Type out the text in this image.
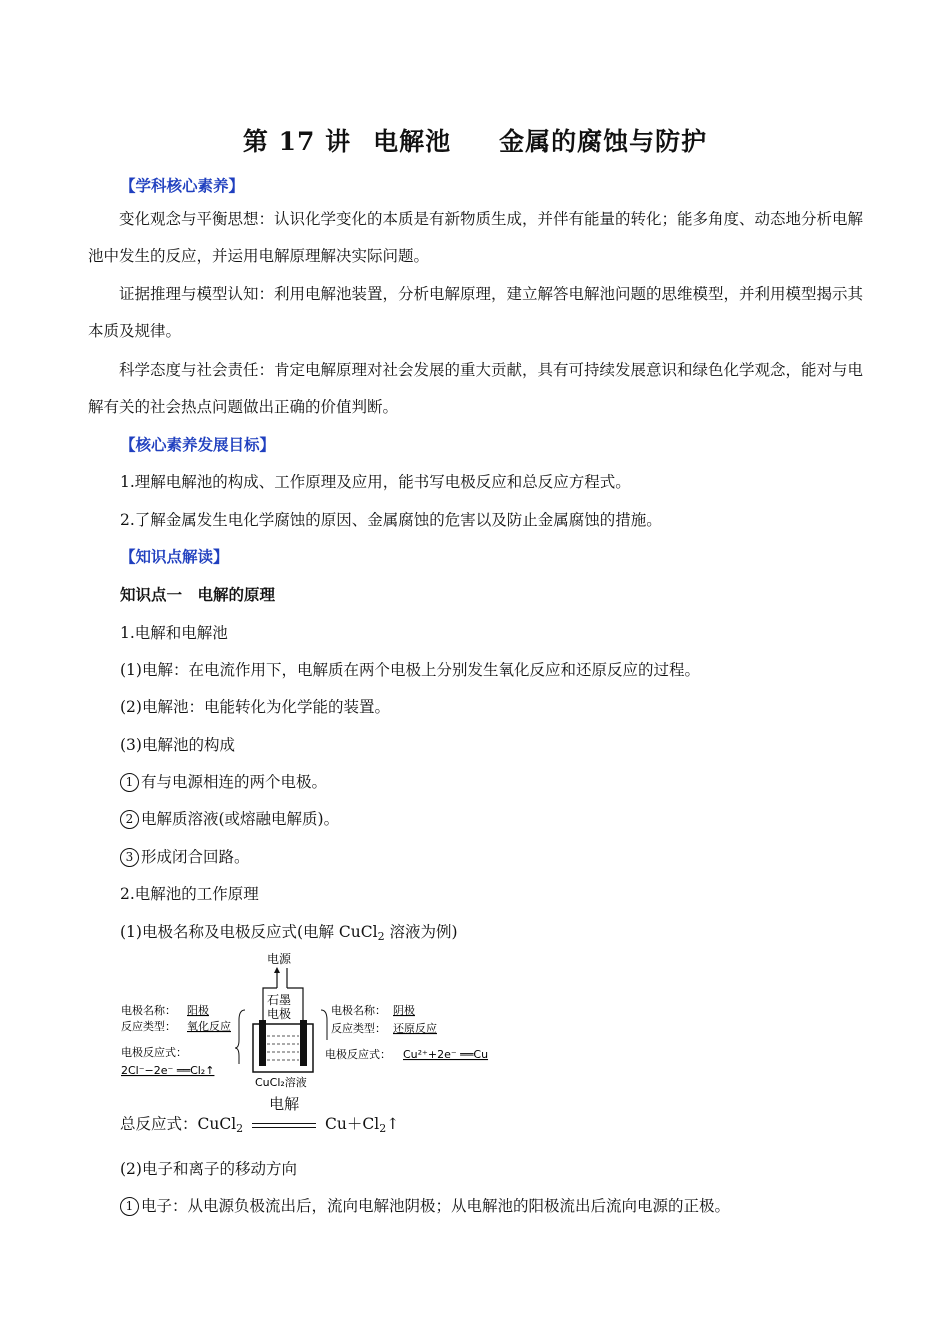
第 17 讲 电解池 金属的腐蚀与防护
【学科核心素养】
变化观念与平衡思想：认识化学变化的本质是有新物质生成，并伴有能量的转化；能多角度、动态地分析电解池中发生的反应，并运用电解原理解决实际问题。
证据推理与模型认知：利用电解池装置，分析电解原理，建立解答电解池问题的思维模型，并利用模型揭示其本质及规律。
科学态度与社会责任：肯定电解原理对社会发展的重大贡献，具有可持续发展意识和绿色化学观念，能对与电解有关的社会热点问题做出正确的价值判断。
【核心素养发展目标】
1.理解电解池的构成、工作原理及应用，能书写电极反应和总反应方程式。
2.了解金属发生电化学腐蚀的原因、金属腐蚀的危害以及防止金属腐蚀的措施。
【知识点解读】
知识点一　电解的原理
1.电解和电解池
(1)电解：在电流作用下，电解质在两个电极上分别发生氧化反应和还原反应的过程。
(2)电解池：电能转化为化学能的装置。
(3)电解池的构成
1 有与电源相连的两个电极。
2 电解质溶液(或熔融电解质)。
3 形成闭合回路。
2.电解池的工作原理
(1)电极名称及电极反应式(电解 CuCl$_2$ 溶液为例)
电源
石墨
电极
电极名称： 阳极
反应类型： 氧化反应
电极反应式：
2Cl⁻−2e⁻ ══Cl₂↑
电极名称： 阴极
反应类型： 还原反应
电极反应式： Cu²⁺+2e⁻ ══Cu
CuCl₂溶液
总反应式：CuCl$_2$
电解
$Cu+Cl_2↑$
(2)电子和离子的移动方向
1 电子：从电源负极流出后，流向电解池阴极；从电解池的阳极流出后流向电源的正极。
